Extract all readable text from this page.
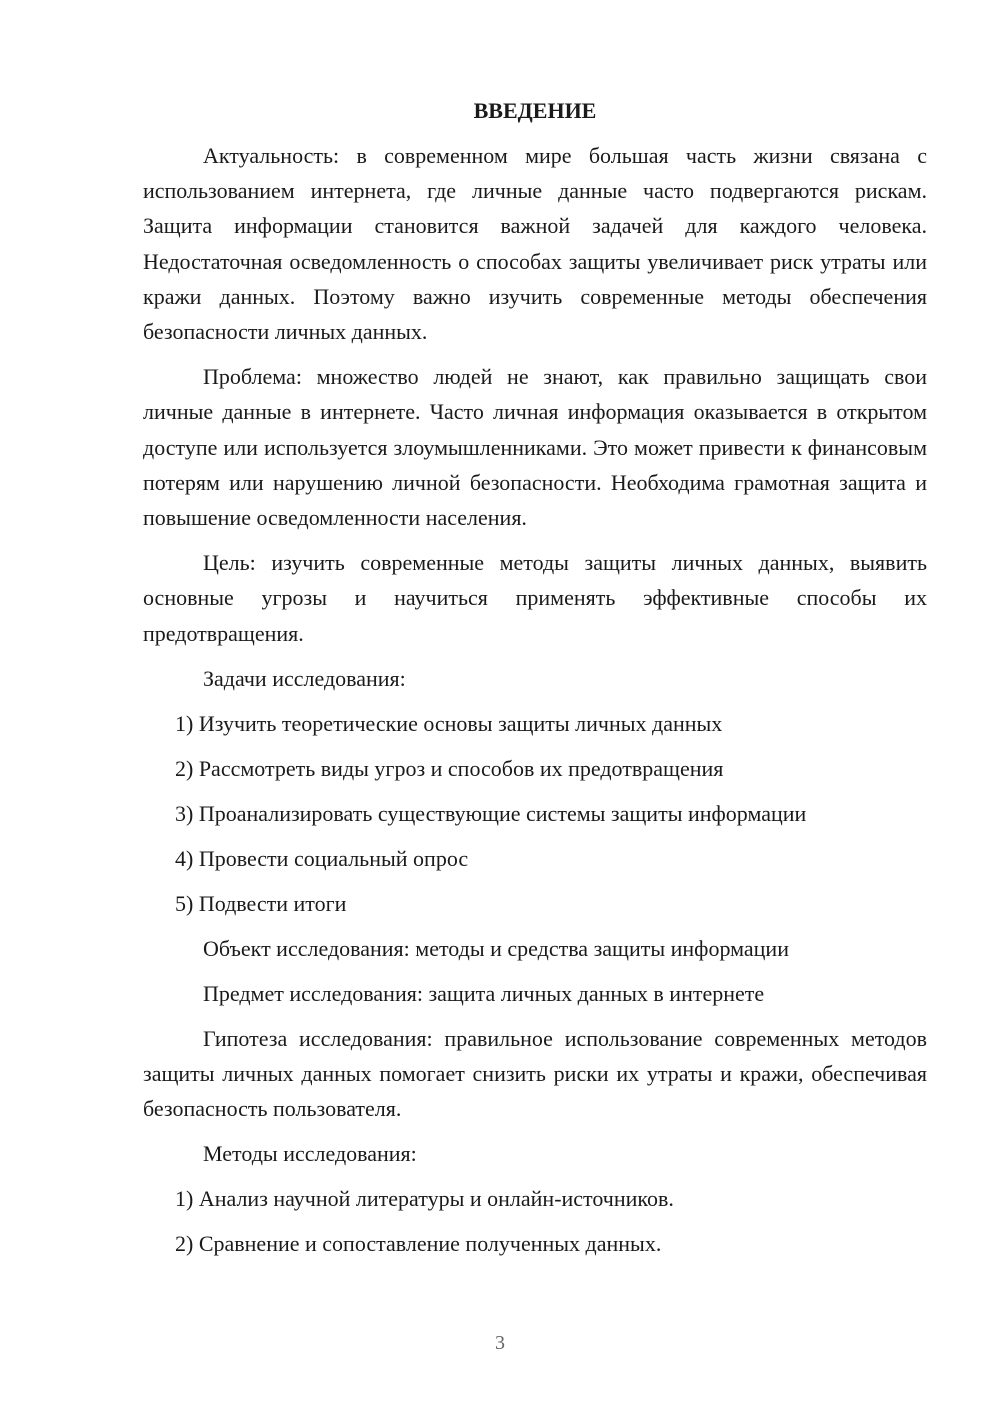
ВВЕДЕНИЕ

Актуальность: в современном мире большая часть жизни связана с использованием интернета, где личные данные часто подвергаются рискам. Защита информации становится важной задачей для каждого человека. Недостаточная осведомленность о способах защиты увеличивает риск утраты или кражи данных. Поэтому важно изучить современные методы обеспечения безопасности личных данных.

Проблема: множество людей не знают, как правильно защищать свои личные данные в интернете. Часто личная информация оказывается в открытом доступе или используется злоумышленниками. Это может привести к финансовым потерям или нарушению личной безопасности. Необходима грамотная защита и повышение осведомленности населения.

Цель: изучить современные методы защиты личных данных, выявить основные угрозы и научиться применять эффективные способы их предотвращения.

Задачи исследования:

1) Изучить теоретические основы защиты личных данных

2) Рассмотреть виды угроз и способов их предотвращения

3) Проанализировать существующие системы защиты информации

4) Провести социальный опрос

5) Подвести итоги

Объект исследования: методы и средства защиты информации

Предмет исследования: защита личных данных в интернете

Гипотеза исследования: правильное использование современных методов защиты личных данных помогает снизить риски их утраты и кражи, обеспечивая безопасность пользователя.

Методы исследования:

1) Анализ научной литературы и онлайн-источников.

2) Сравнение и сопоставление полученных данных.

3
